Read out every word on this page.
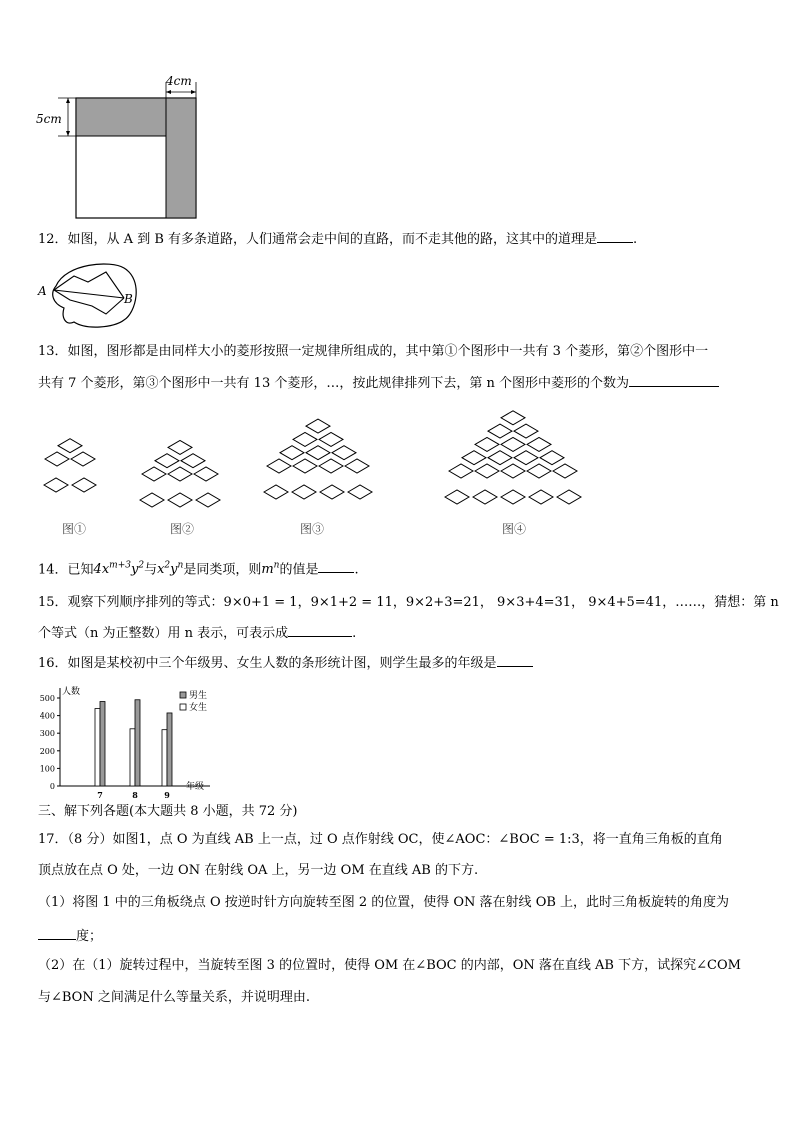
4cm
5cm
12．如图，从 A 到 B 有多条道路，人们通常会走中间的直路，而不走其他的路，这其中的道理是	.
A
B
13．如图，图形都是由同样大小的菱形按照一定规律所组成的，其中第①个图形中一共有 3 个菱形，第②个图形中一
共有 7 个菱形，第③个图形中一共有 13 个菱形，…，按此规律排列下去，第 n 个图形中菱形的个数为
图①	图②	图③	图④
14．已知$4x^{m+3}y^2$与$x^2y^n$是同类项，则$m^n$的值是	.
15．观察下列顺序排列的等式：9×0+1 = 1，9×1+2 = 11，9×2+3=21， 9×3+4=31， 9×4+5=41，……，猜想：第 n
个等式（n 为正整数）用 n 表示，可表示成	.
16．如图是某校初中三个年级男、女生人数的条形统计图，则学生最多的年级是
0
100
200
300
400
500
人数
年级
7	8	9
男生
女生
三、解下列各题(本大题共 8 小题，共 72 分)
17．（8 分）如图1，点 O 为直线 AB 上一点，过 O 点作射线 OC，使∠AOC：∠BOC = 1:3，将一直角三角板的直角
顶点放在点 O 处，一边 ON 在射线 OA 上，另一边 OM 在直线 AB 的下方.
（1）将图 1 中的三角板绕点 O 按逆时针方向旋转至图 2 的位置，使得 ON 落在射线 OB 上，此时三角板旋转的角度为
度；
（2）在（1）旋转过程中，当旋转至图 3 的位置时，使得 OM 在∠BOC 的内部，ON 落在直线 AB 下方，试探究∠COM
与∠BON 之间满足什么等量关系，并说明理由.
